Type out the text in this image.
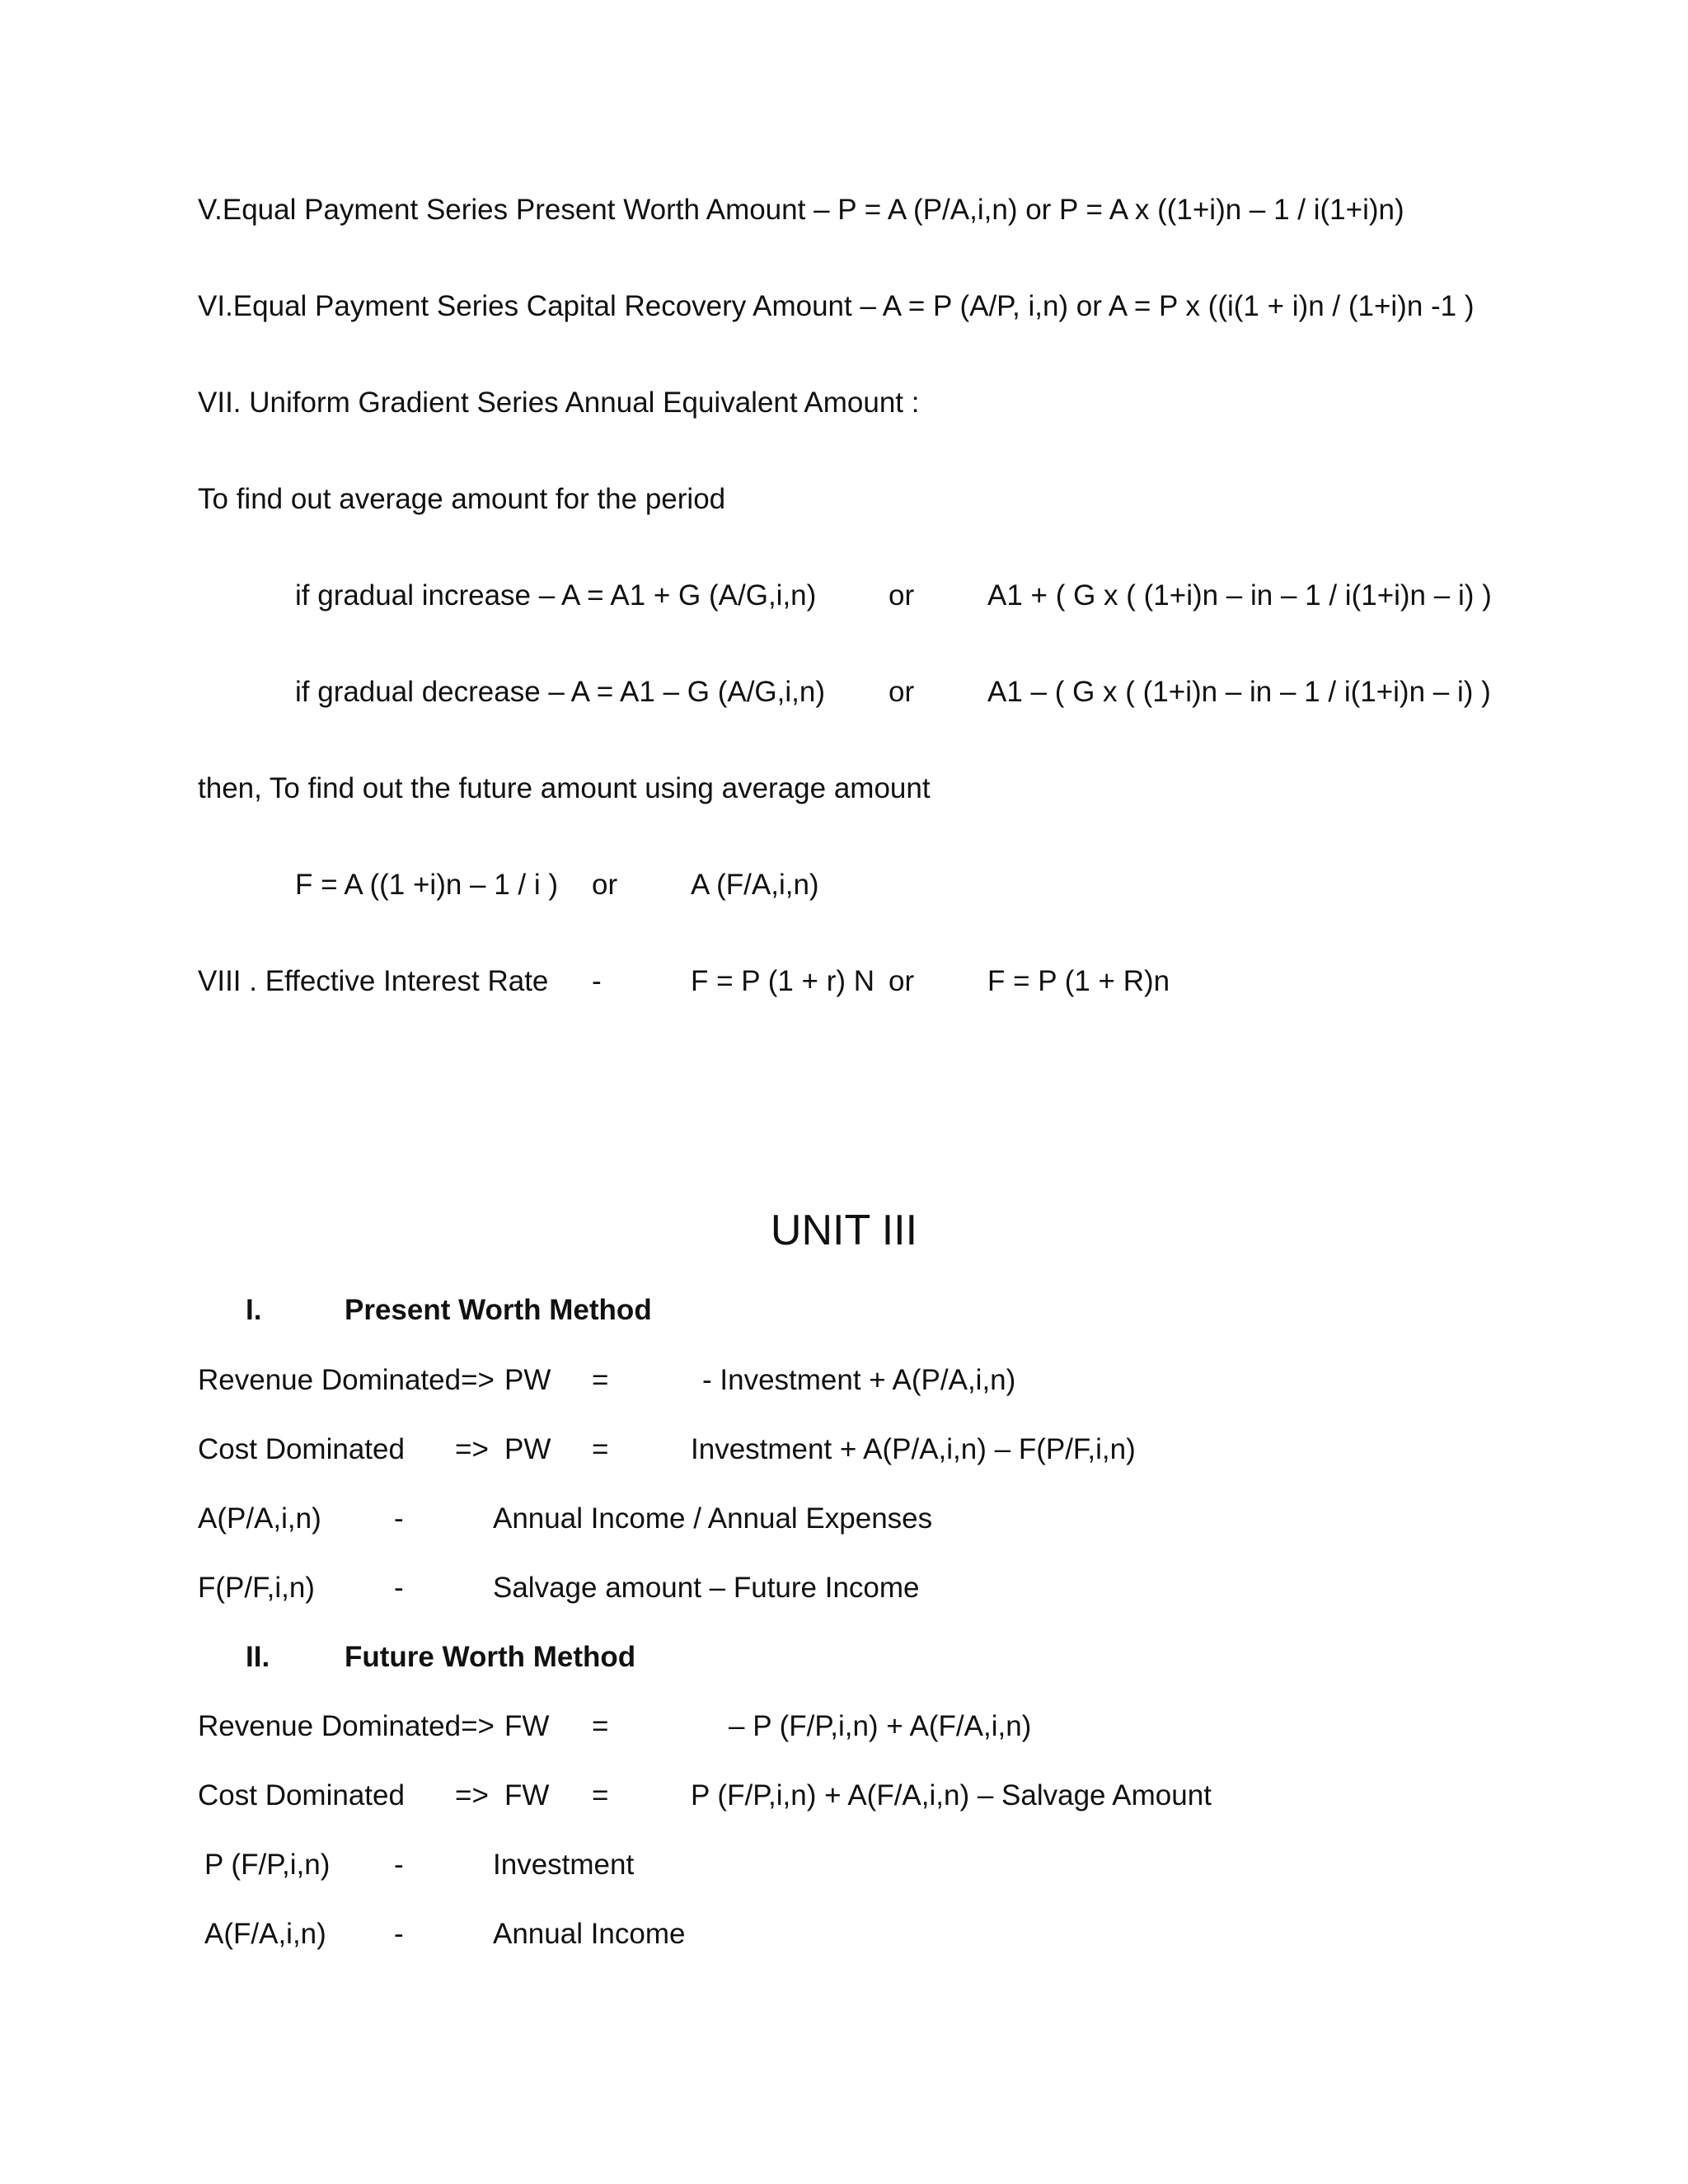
V.Equal Payment Series Present Worth Amount – P = A (P/A,i,n) or P = A x ((1+i)n – 1 / i(1+i)n)
VI.Equal Payment Series Capital Recovery Amount – A = P (A/P, i,n) or A = P x ((i(1 + i)n / (1+i)n -1 )
VII. Uniform Gradient Series Annual Equivalent Amount :
To find out average amount for the period
if gradual increase – A = A1 + G (A/G,i,n)	or	A1 + ( G x ( (1+i)n – in – 1 / i(1+i)n – i) )
if gradual decrease – A = A1 – G (A/G,i,n) or	A1 – ( G x ( (1+i)n – in – 1 / i(1+i)n – i) )
then, To find out the future amount using average amount
F = A ((1 +i)n – 1 / i ) or	A (F/A,i,n)
VIII . Effective Interest Rate -	F = P (1 + r) N or	F = P (1 + R)n
UNIT III
I.	Present Worth Method
Revenue Dominated=> PW =	- Investment + A(P/A,i,n)
Cost Dominated => PW =	Investment + A(P/A,i,n) – F(P/F,i,n)
A(P/A,i,n)	-	Annual Income / Annual Expenses
F(P/F,i,n)	-	Salvage amount – Future Income
II.	Future Worth Method
Revenue Dominated=> FW =	– P (F/P,i,n) + A(F/A,i,n)
Cost Dominated => FW =	P (F/P,i,n) + A(F/A,i,n) – Salvage Amount
P (F/P,i,n) -	Investment
A(F/A,i,n) -	Annual Income
